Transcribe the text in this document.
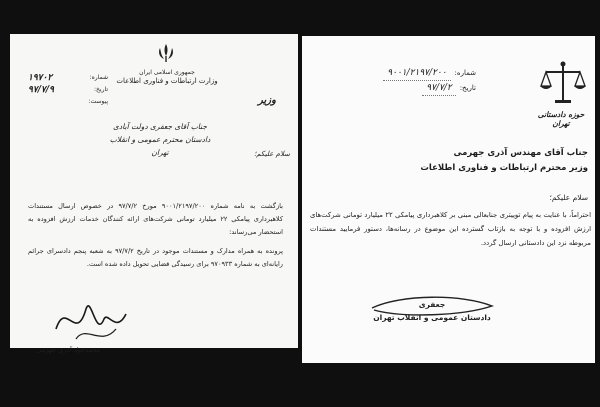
جمهوری اسلامی ایران
وزارت ارتباطات و فناوری اطلاعات
شماره:
۱۹۷۰۲
تاریخ:
۹۷/۷/۹
پیوست:	وزیر
جناب آقای جعفری دولت آبادی
دادستان محترم عمومی و انقلاب تهران	سلام علیکم؛

بازگشت به نامه شماره ۹۰۰۱/۲۱۹۷/۲۰۰ مورخ ۹۷/۷/۲ در خصوص ارسال مستندات کلاهبرداری پیامکی ۲۲ میلیارد تومانی شرکت‌های ارائه کنندگان خدمات ارزش افزوده به استحضار می‌رساند:

پرونده به همراه مدارک و مستندات موجود در تاریخ ۹۷/۷/۲ به شعبه پنجم دادسرای جرائم رایانه‌ای به شماره ۹۷۰۹۳۳ برای رسیدگی قضایی تحویل داده شده است.

محمدجواد آذری جهرمی
حوزه دادستانی تهران
شماره:
۹۰۰۱/۲۱۹۷/۲۰۰
تاریخ:
۹۷/۷/۲
جناب آقای مهندس آذری جهرمی
وزیر محترم ارتباطات و فناوری اطلاعات
سلام علیکم؛
احتراماً، با عنایت به پیام توییتری جنابعالی مبنی بر کلاهبرداری پیامکی ۲۲ میلیارد تومانی شرکت‌های ارزش افزوده و با توجه به بازتاب گسترده این موضوع در رسانه‌ها، دستور فرمایید مستندات مربوطه نزد این دادستانی ارسال گردد.
جعفری
دادستان عمومی و انقلاب تهران
